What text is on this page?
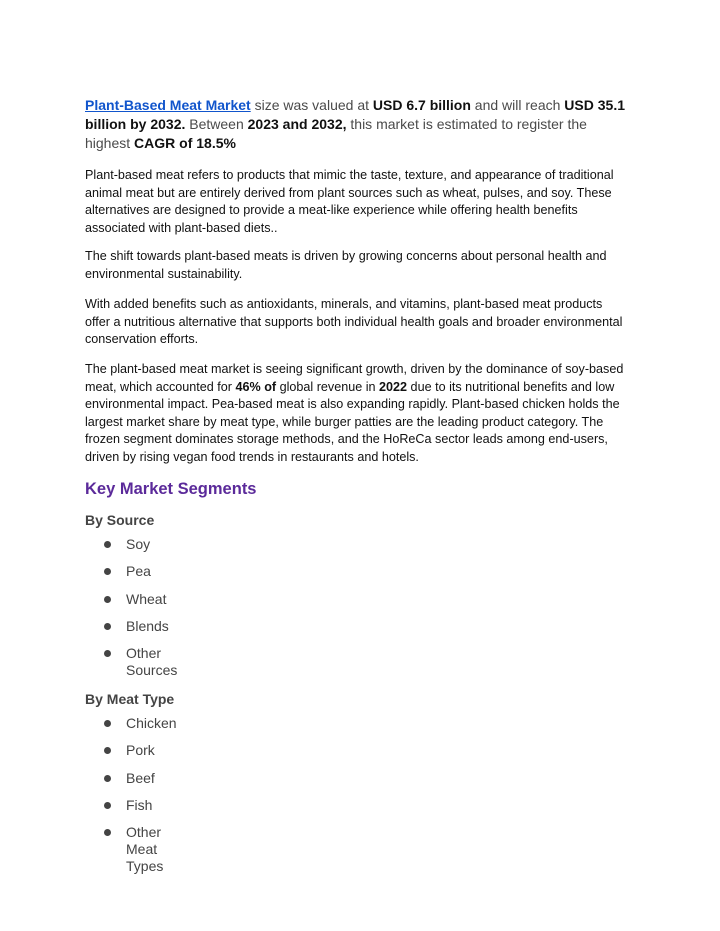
Plant-Based Meat Market size was valued at USD 6.7 billion and will reach USD 35.1 billion by 2032. Between 2023 and 2032, this market is estimated to register the highest CAGR of 18.5%

Plant-based meat refers to products that mimic the taste, texture, and appearance of traditional animal meat but are entirely derived from plant sources such as wheat, pulses, and soy. These alternatives are designed to provide a meat-like experience while offering health benefits associated with plant-based diets..

The shift towards plant-based meats is driven by growing concerns about personal health and environmental sustainability.

With added benefits such as antioxidants, minerals, and vitamins, plant-based meat products offer a nutritious alternative that supports both individual health goals and broader environmental conservation efforts.

The plant-based meat market is seeing significant growth, driven by the dominance of soy-based meat, which accounted for 46% of global revenue in 2022 due to its nutritional benefits and low environmental impact. Pea-based meat is also expanding rapidly. Plant-based chicken holds the largest market share by meat type, while burger patties are the leading product category. The frozen segment dominates storage methods, and the HoReCa sector leads among end-users, driven by rising vegan food trends in restaurants and hotels.

Key Market Segments
By Source
Soy
Pea
Wheat
Blends
Other Sources
By Meat Type
Chicken
Pork
Beef
Fish
Other Meat Types
